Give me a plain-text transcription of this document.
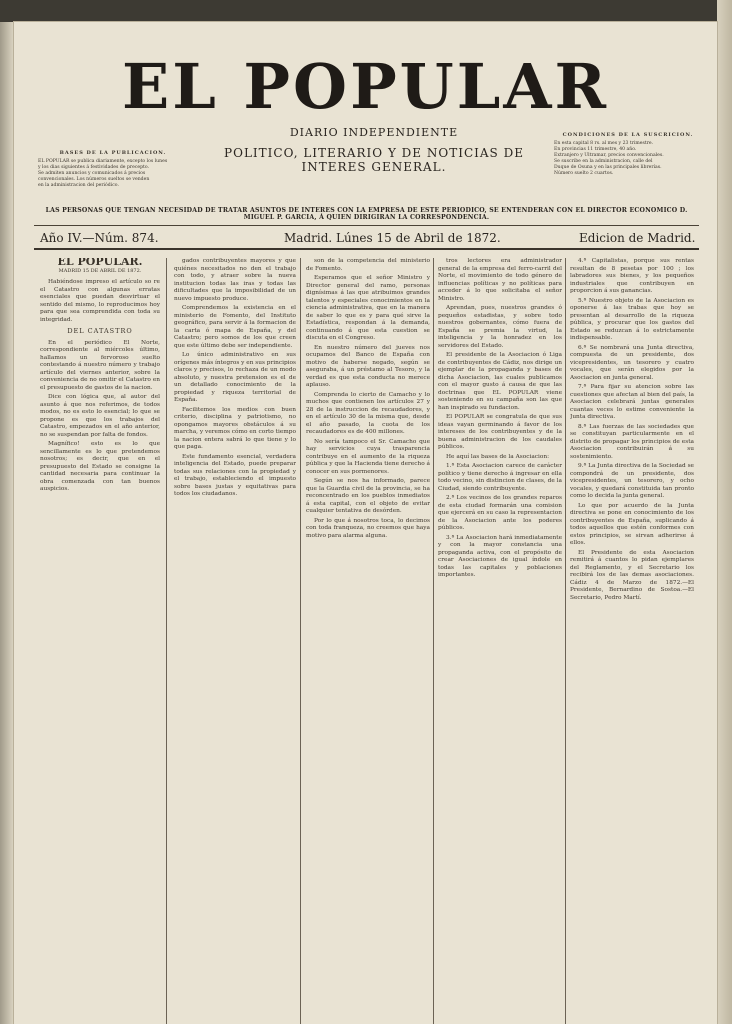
EL POPULAR
DIARIO INDEPENDIENTE
POLITICO, LITERARIO Y DE NOTICIAS DE INTERES GENERAL.
BASES DE LA PUBLICACION.
EL POPULAR se publica diariamente, excepto los lunes
y los dias siguientes á festividades de precepto.
Se admiten anuncios y comunicados á precios
convencionales. Los números sueltos se venden
en la administracion del periódico.
CONDICIONES DE LA SUSCRICION.
En esta capital 8 rs. al mes y 23 trimestre.
En provincias 11 trimestre, 40 año.
Extranjero y Ultramar, precios convencionales.
Se suscribe en la administracion, calle del
Duque de Osuna y en las principales librerías.
Número suelto 2 cuartos.
LAS PERSONAS QUE TENGAN NECESIDAD DE TRATAR ASUNTOS DE INTERES CON LA EMPRESA DE ESTE PERIODICO, SE ENTENDERAN CON EL DIRECTOR ECONOMICO D. MIGUEL P. GARCIA, Á QUIEN DIRIGIRAN LA CORRESPONDENCIA.
Año IV.—Núm. 874.	Madrid. Lúnes 15 de Abril de 1872.	Edicion de Madrid.

EL POPULAR.

MADRID 15 DE ABRIL DE 1872.

Habiéndose impreso el artículo so re el Catastro con algunas erratas esenciales que puedan desvirtuar el sentido del mismo, lo reproducimos hoy para que sea comprendida con toda su integridad.

DEL CATASTRO

En el periódico El Norte, correspondiente al miércoles último, hallamos un fervoroso suelto contestando á nuestro número y trabajo artículo del viernes anterior, sobre la conveniencia de no omitir el Catastro en el presupuesto de gastos de la nacion.

Dice con lógica que, al autor del asunto á que nos referimos, de todos modos, no es esto lo esencial; lo que se propone es que los trabajos del Catastro, empezados en el año anterior, no se suspendan por falta de fondos.

Magnífico! esto es lo que sencillamente es lo que pretendemos nosotros; es decir, que en el presupuesto del Estado se consigne la cantidad necesaria para continuar la obra comenzada con tan buenos auspicios.

gados contribuyentes mayores y que quiénes necesitados no den el trabajo con todo, y atraer sobre la nueva institucion todas las iras y todas las dificultades que la imposibilidad de un nuevo impuesto produce.

Comprendemos la existencia en el ministerio de Fomento, del Instituto geográfico, para servir á la formacion de la carta ó mapa de España, y del Catastro; pero somos de los que creen que este último debe ser independiente.

Lo único administrativo en sus orígenes más íntegros y en sus principios claros y precisos, lo rechaza de un modo absoluto, y nuestra pretension es el de un detallado conocimiento de la propiedad y riqueza territorial de España.

Facilitemos los medios con buen criterio, disciplina y patriotismo, no opongamos mayores obstáculos á su marcha, y veremos cómo en corto tiempo la nacion entera sabrá lo que tiene y lo que paga.

Este fundamento esencial, verdadera inteligencia del Estado, puede preparar todas sus relaciones con la propiedad y el trabajo, estableciendo el impuesto sobre bases justas y equitativas para todos los ciudadanos.

son de la competencia del ministerio de Fomento.

Esperamos que el señor Ministro y Director general del ramo, personas dignísimas á las que atribuimos grandes talentos y especiales conocimientos en la ciencia administrativa, que en la manera de saber lo que es y para qué sirve la Estadística, respondan á la demanda, continuando á que esta cuestion se discuta en el Congreso.

En nuestro número del jueves nos ocupamos del Banco de España con motivo de haberse negado, según se aseguraba, á un préstamo al Tesoro, y la verdad es que esta conducta no merece aplauso.

Comprenda lo cierto de Camacho y lo muchos que contienen los artículos 27 y 28 de la instruccion de recaudadores, y en el artículo 30 de la misma que, desde el año pasado, la cuota de los recaudadores es de 400 millones.

No sería tampoco el Sr. Camacho que hay servicios cuya trasparencia contribuye en el aumento de la riqueza pública y que la Hacienda tiene derecho á conocer en sus pormenores.

Según se nos ha informado, parece que la Guardia civil de la provincia, se ha reconcentrado en los pueblos inmediatos á esta capital, con el objeto de evitar cualquier tentativa de desórden.

Por lo que á nosotros toca, lo decimos con toda franqueza, no creemos que haya motivo para alarma alguna.

tros lectores era administrador general de la empresa del ferro-carril del Norte, el movimiento de todo género de influencias políticas y no políticas para acceder á lo que solicitaba el señor Ministro.

Aprendan, pues, nuestros grandes ó pequeños estadistas, y sobre todo nuestros gobernantes, cómo fuera de España se premia la virtud, la inteligencia y la honradez en los servidores del Estado.

El presidente de la Asociacion ó Liga de contribuyentes de Cádiz, nos dirige un ejemplar de la propaganda y bases de dicha Asociacion, las cuales publicamos con el mayor gusto á causa de que las doctrinas que EL POPULAR viene sosteniendo en su campaña son las que han inspirado su fundacion.

El POPULAR se congratula de que sus ideas vayan germinando á favor de los intereses de los contribuyentes y de la buena administracion de los caudales públicos.

He aquí las bases de la Asociacion:

1.ª Esta Asociacion carece de carácter político y tiene derecho á ingresar en ella todo vecino, sin distincion de clases, de la Ciudad, siendo contribuyente.

2.ª Los vecinos de los grandes reparos de esta ciudad formarán una comision que ejercerá en su caso la representacion de la Asociacion ante los poderes públicos.

3.ª La Asociacion hará inmediatamente y con la mayor constancia una propaganda activa, con el propósito de crear Asociaciones de igual índole en todas las capitales y poblaciones importantes.

4.ª Capitalistas, porque sus rentas resultan de 8 pesetas por 100 ; los labradores sus bienes, y los pequeños industriales que contribuyen en proporcion á sus ganancias.

5.ª Nuestro objeto de la Asociacion es oponerse á las trabas que hoy se presentan al desarrollo de la riqueza pública, y procurar que los gastos del Estado se reduzcan á lo estrictamente indispensable.

6.ª Se nombrará una Junta directiva, compuesta de un presidente, dos vicepresidentes, un tesorero y cuatro vocales, que serán elegidos por la Asociacion en junta general.

7.ª Para fijar su atencion sobre las cuestiones que afectan al bien del país, la Asociacion celebrará juntas generales cuantas veces lo estime conveniente la Junta directiva.

8.ª Las fuerzas de las sociedades que se constituyan particularmente en el distrito de propagar los principios de esta Asociacion contribuirán á su sostenimiento.

9.ª La Junta directiva de la Sociedad se compondrá de un presidente, dos vicepresidentes, un tesorero, y ocho vocales, y quedará constituida tan pronto como lo decida la junta general.

Lo que por acuerdo de la Junta directiva se pone en conocimiento de los contribuyentes de España, suplicando á todos aquellos que estén conformes con estos principios, se sirvan adherirse á ellos.

El Presidente de esta Asociacion remitirá á cuantos lo pidan ejemplares del Reglamento, y el Secretario los recibirá los de las demas asociaciones. Cádiz 4 de Marzo de 1872.—El Presidente, Bernardino de Sostoa.—El Secretario, Pedro Martí.
